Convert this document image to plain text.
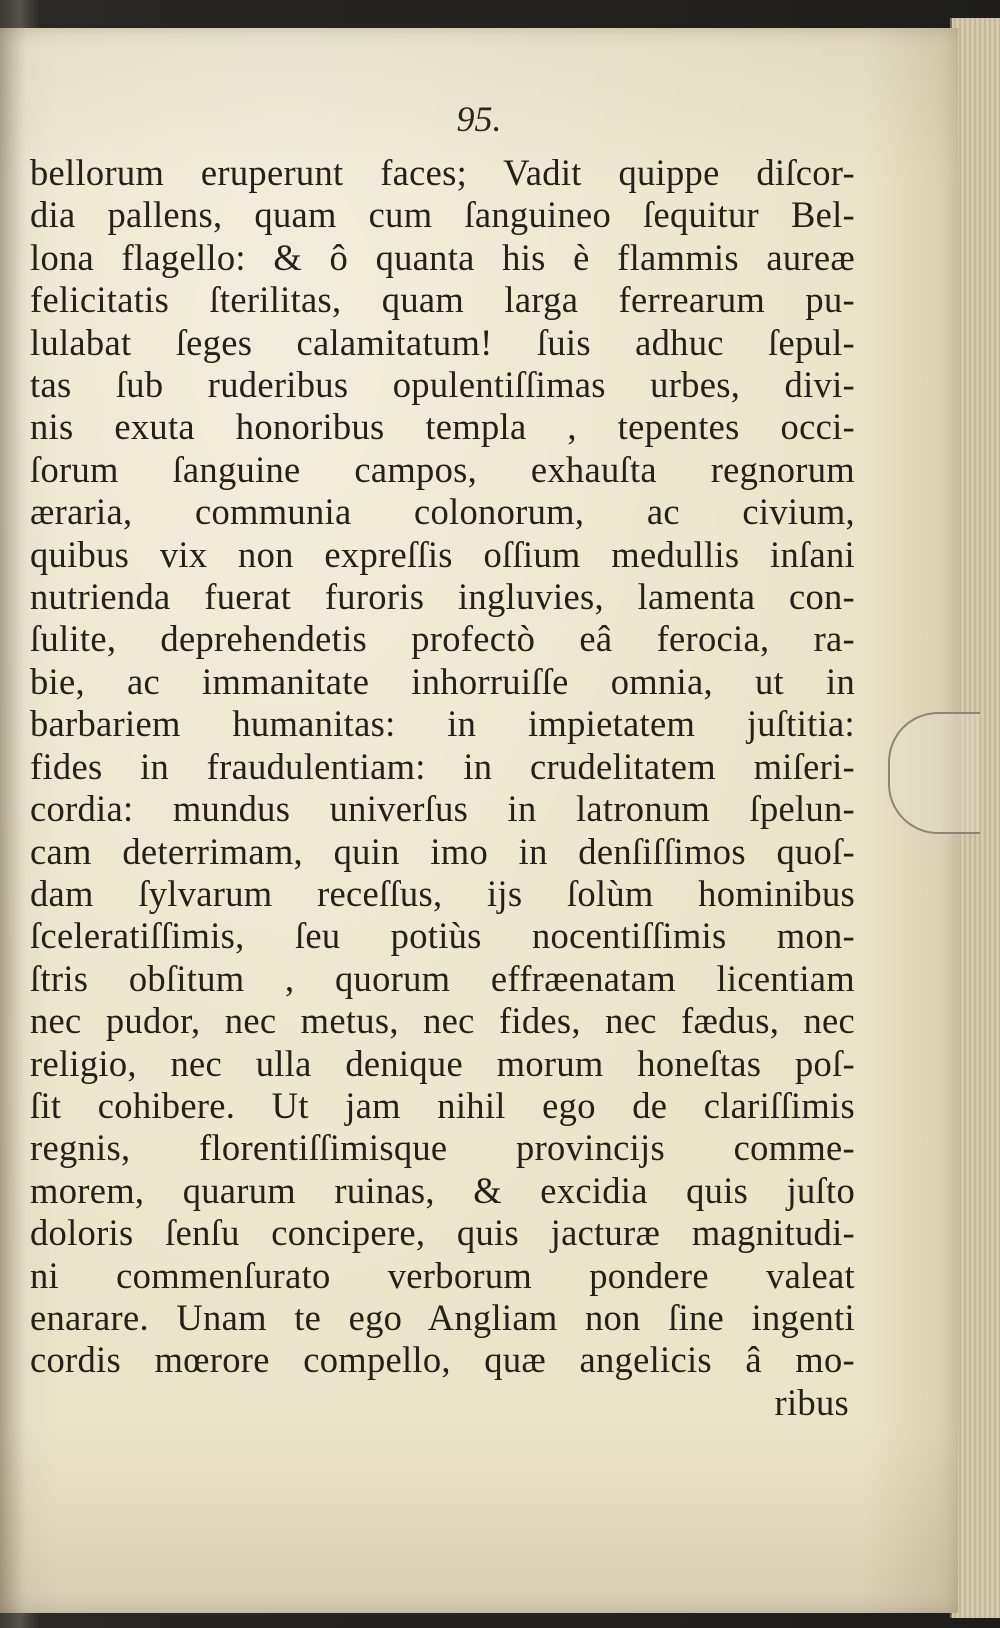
95.
bellorum eruperunt faces; Vadit quippe diſcor-
dia pallens, quam cum ſanguineo ſequitur Bel-
lona flagello: & ô quanta his è flammis aureæ
felicitatis ſterilitas, quam larga ferrearum pu-
lulabat ſeges calamitatum! ſuis adhuc ſepul-
tas ſub ruderibus opulentiſſimas urbes, divi-
nis exuta honoribus templa , tepentes occi-
ſorum ſanguine campos, exhauſta regnorum
æraria, communia colonorum, ac civium,
quibus vix non expreſſis oſſium medullis inſani
nutrienda fuerat furoris ingluvies, lamenta con-
ſulite, deprehendetis profectò eâ ferocia, ra-
bie, ac immanitate inhorruiſſe omnia, ut in
barbariem humanitas: in impietatem juſtitia:
fides in fraudulentiam: in crudelitatem miſeri-
cordia: mundus univerſus in latronum ſpelun-
cam deterrimam, quin imo in denſiſſimos quoſ-
dam ſylvarum receſſus, ijs ſolùm hominibus
ſceleratiſſimis, ſeu potiùs nocentiſſimis mon-
ſtris obſitum , quorum effræenatam licentiam
nec pudor, nec metus, nec fides, nec fædus, nec
religio, nec ulla denique morum honeſtas poſ-
ſit cohibere. Ut jam nihil ego de clariſſimis
regnis, florentiſſimisque provincijs comme-
morem, quarum ruinas, & excidia quis juſto
doloris ſenſu concipere, quis jacturæ magnitudi-
ni commenſurato verborum pondere valeat
enarare. Unam te ego Angliam non ſine ingenti
cordis mœrore compello, quæ angelicis â mo-
ribus
